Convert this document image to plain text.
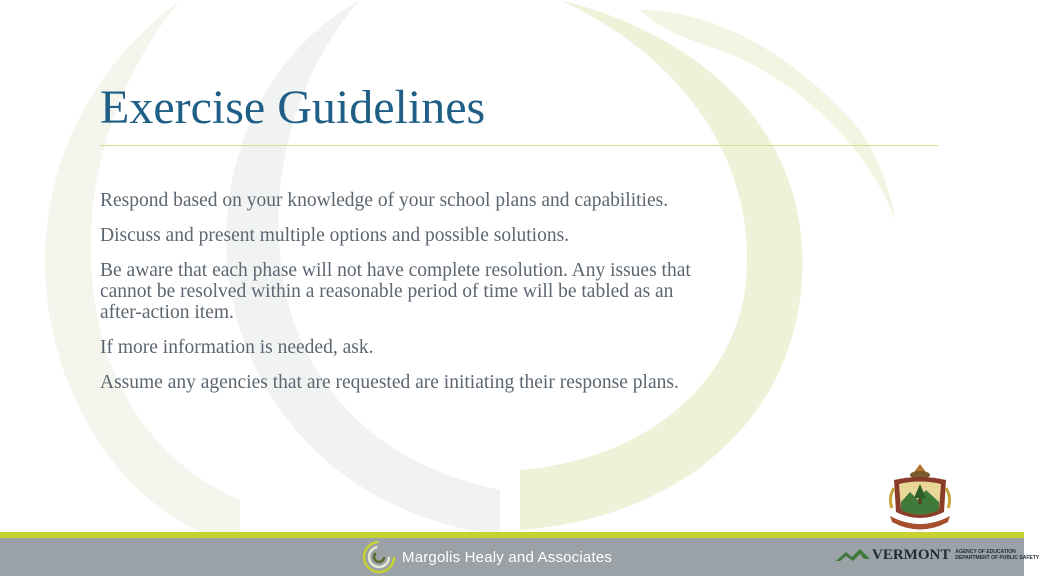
Exercise Guidelines
Respond based on your knowledge of your school plans and capabilities.
Discuss and present multiple options and possible solutions.
Be aware that each phase will not have complete resolution. Any issues that cannot be resolved within a reasonable period of time will be tabled as an after-action item.
If more information is needed, ask.
Assume any agencies that are requested are initiating their response plans.
Margolis Healy and Associates	VERMONT AGENCY OF EDUCATION
DEPARTMENT OF PUBLIC SAFETY
